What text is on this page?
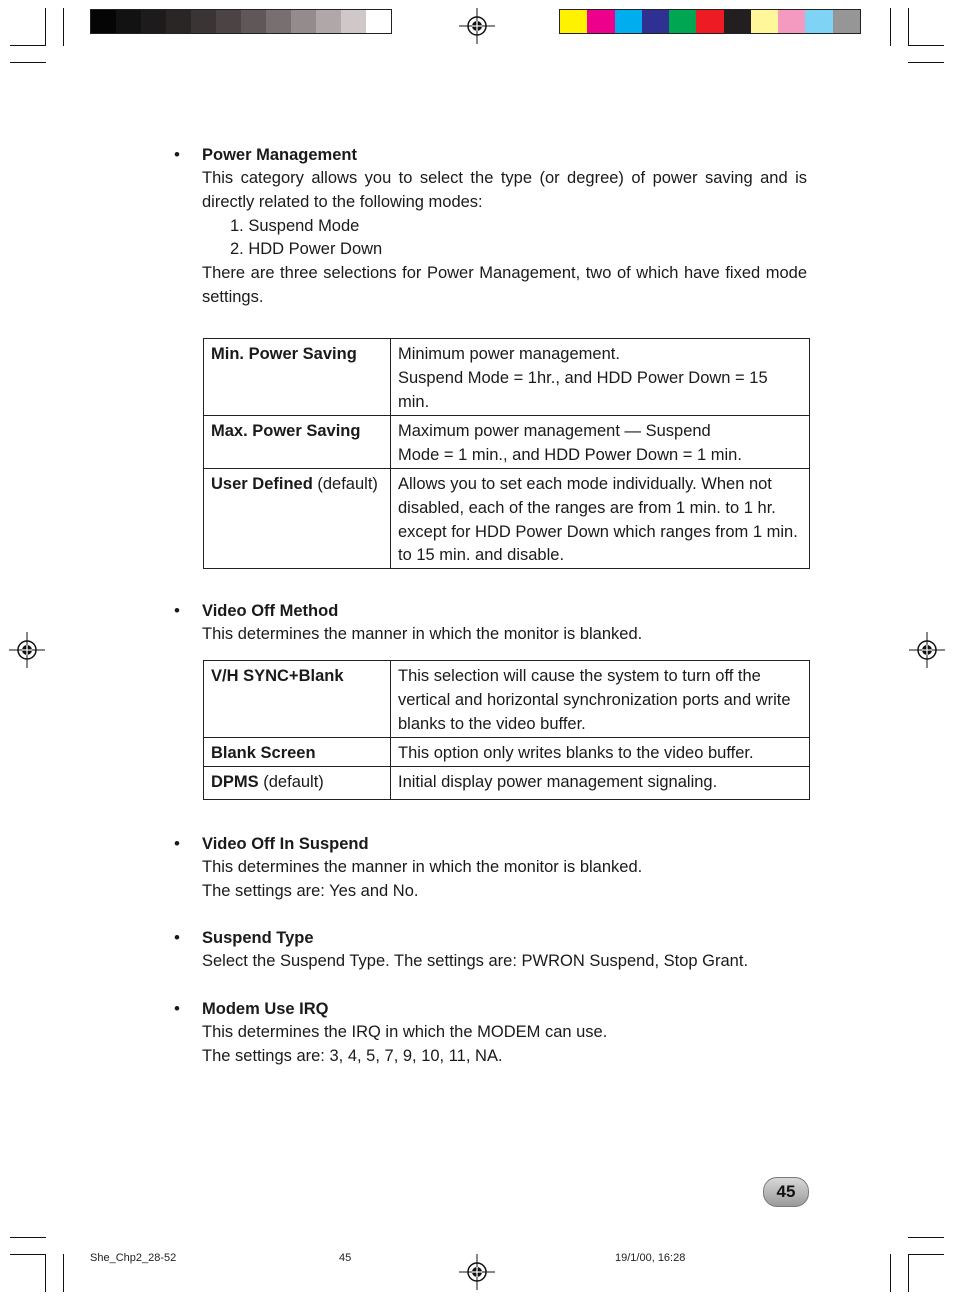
• Power Management
This category allows you to select the type (or degree) of power saving and is directly related to the following modes:
1. Suspend Mode
2. HDD Power Down
There are three selections for Power Management, two of which have fixed mode settings.
Min. Power Saving	Minimum power management.
Suspend Mode = 1hr., and HDD Power Down = 15 min.
Max. Power Saving	Maximum power management — Suspend
Mode = 1 min., and HDD Power Down = 1 min.
User Defined (default)	Allows you to set each mode individually. When not disabled, each of the ranges are from 1 min. to 1 hr. except for HDD Power Down which ranges from 1 min. to 15 min. and disable.
• Video Off Method
This determines the manner in which the monitor is blanked.
V/H SYNC+Blank	This selection will cause the system to turn off the vertical and horizontal synchronization ports and write blanks to the video buffer.
Blank Screen	This option only writes blanks to the video buffer.
DPMS (default)	Initial display power management signaling.
• Video Off In Suspend
This determines the manner in which the monitor is blanked.
The settings are: Yes and No.
• Suspend Type
Select the Suspend Type. The settings are: PWRON Suspend, Stop Grant.
• Modem Use IRQ
This determines the IRQ in which the MODEM can use.
The settings are: 3, 4, 5, 7, 9, 10, 11, NA.
45
She_Chp2_28-52	45	19/1/00, 16:28
